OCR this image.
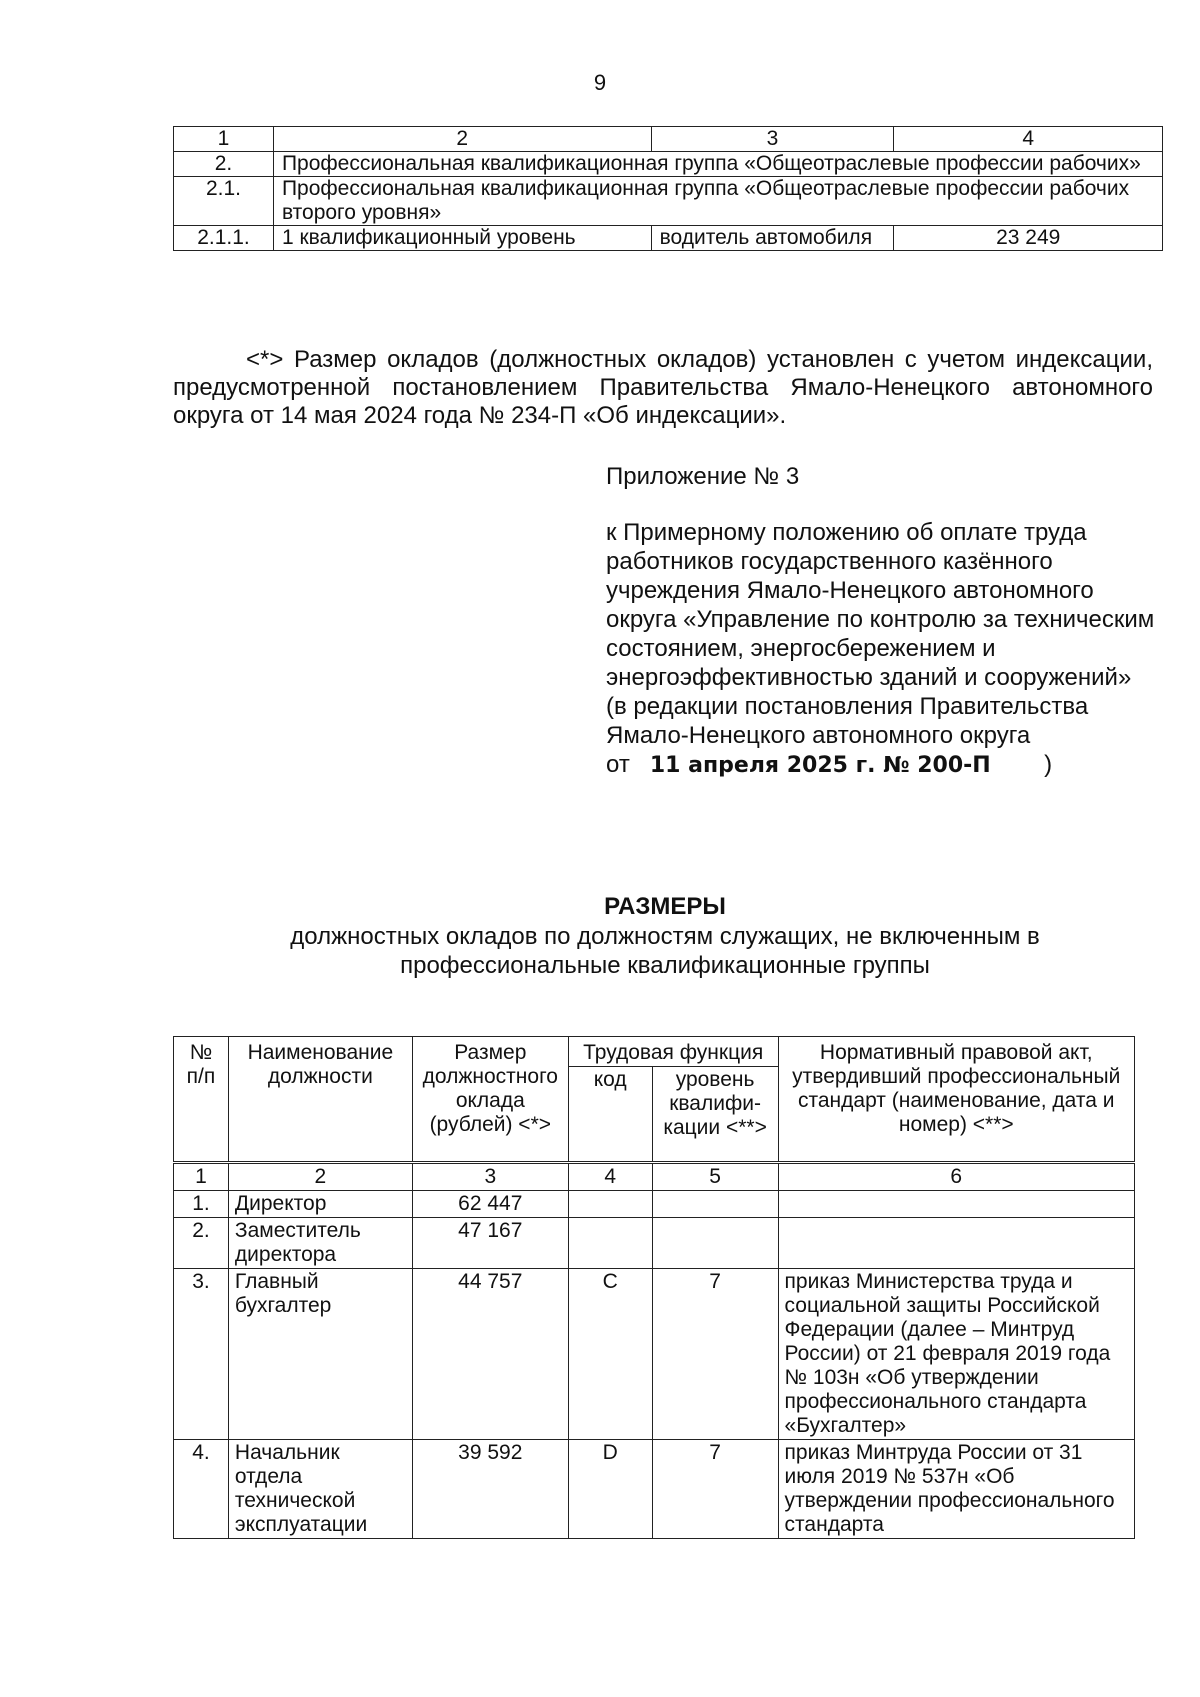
9
1	2	3	4
2.	Профессиональная квалификационная группа «Общеотраслевые профессии рабочих»		
2.1.	Профессиональная квалификационная группа «Общеотраслевые профессии рабочих второго уровня»		
2.1.1.	1 квалификационный уровень	водитель автомобиля	23 249
<*> Размер окладов (должностных окладов) установлен с учетом индексации, предусмотренной постановлением Правительства Ямало-Ненецкого автономного округа от 14 мая 2024 года № 234-П «Об индексации».
Приложение № 3
к Примерному положению об оплате труда работников государственного казённого учреждения Ямало-Ненецкого автономного округа «Управление по контролю за техническим состоянием, энергосбережением и энергоэффективностью зданий и сооружений»
(в редакции постановления Правительства Ямало-Ненецкого автономного округа
от 11 апреля 2025 г. № 200-П )
РАЗМЕРЫ
должностных окладов по должностям служащих, не включенным в профессиональные квалификационные группы
№ п/п	Наименование должности	Размер должностного оклада (рублей) <*>	Трудовая функция		Нормативный правовой акт, утвердивший профессиональный стандарт (наименование, дата и номер) <**>
			код	уровень квалифи-кации <**>	
1	2	3	4	5	6
1.	Директор	62 447			
2.	Заместитель директора	47 167			
3.	Главный бухгалтер	44 757	C	7	приказ Министерства труда и социальной защиты Российской Федерации (далее – Минтруд России) от 21 февраля 2019 года № 103н «Об утверждении профессионального стандарта «Бухгалтер»
4.	Начальник отдела технической эксплуатации	39 592	D	7	приказ Минтруда России от 31 июля 2019 № 537н «Об утверждении профессионального стандарта
